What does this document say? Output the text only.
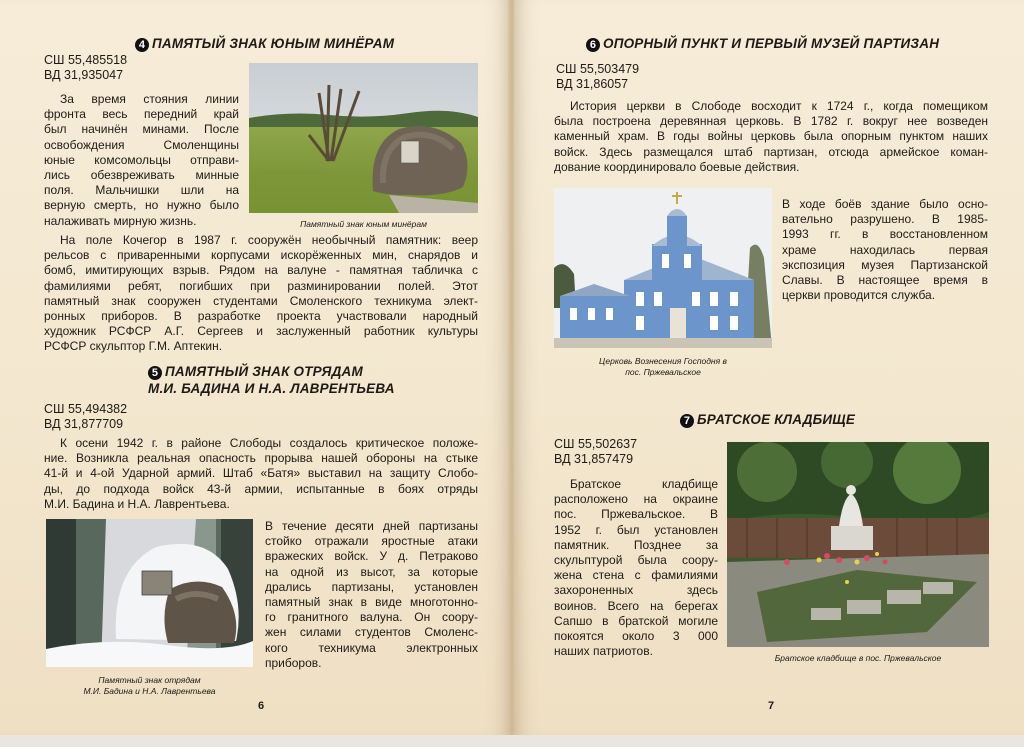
4 ПАМЯТЫЙ ЗНАК ЮНЫМ МИНЁРАМ
СШ 55,485518
ВД 31,935047
За время стояния линии
фронта весь передний край
был начинён минами. После
освобождения Смоленщины
юные комсомольцы отправи-
лись обезвреживать минные
поля. Мальчишки шли на
верную смерть, но нужно было
налаживать мирную жизнь.	Памятный знак юным минёрам
На поле Кочегор в 1987 г. сооружён необычный памятник: веер
рельсов с приваренными корпусами искорёженных мин, снарядов и
бомб, имитирующих взрыв. Рядом на валуне - памятная табличка с
фамилиями ребят, погибших при разминировании полей. Этот
памятный знак сооружен студентами Смоленского техникума элект-
ронных приборов. В разработке проекта участвовали народный
художник РСФСР А.Г. Сергеев и заслуженный работник культуры
РСФСР скульптор Г.М. Аптекин.
5 ПАМЯТНЫЙ ЗНАК ОТРЯДАМ
М.И. БАДИНА И Н.А. ЛАВРЕНТЬЕВА
СШ 55,494382
ВД 31,877709
К осени 1942 г. в районе Слободы создалось критическое положе-
ние. Возникла реальная опасность прорыва нашей обороны на стыке
41-й и 4-ой Ударной армий. Штаб «Батя» выставил на защиту Слобо-
ды, до подхода войск 43-й армии, испытанные в боях отряды
М.И. Бадина и Н.А. Лаврентьева.
В течение десяти дней партизаны
стойко отражали яростные атаки
вражеских войск. У д. Петраково
на одной из высот, за которые
дрались партизаны, установлен
памятный знак в виде многотонно-
го гранитного валуна. Он соору-
жен силами студентов Смоленс-
кого техникума электронных
приборов.
Памятный знак отрядам
М.И. Бадина и Н.А. Лаврентьева
6
6 ОПОРНЫЙ ПУНКТ И ПЕРВЫЙ МУЗЕЙ ПАРТИЗАН
СШ 55,503479
ВД 31,86057
История церкви в Слободе восходит к 1724 г., когда помещиком
была построена деревянная церковь. В 1782 г. вокруг нее возведен
каменный храм. В годы войны церковь была опорным пунктом наших
войск. Здесь размещался штаб партизан, отсюда армейское коман-
дование координировало боевые действия.
Церковь Вознесения Господня в
пос. Пржевальское
В ходе боёв здание было осно-
вательно разрушено. В 1985-
1993 гг. в восстановленном
храме находилась первая
экспозиция музея Партизанской
Славы. В настоящее время в
церкви проводится служба.
7 БРАТСКОЕ КЛАДБИЩЕ
СШ 55,502637
ВД 31,857479
Братское кладбище
расположено на окраине
пос. Пржевальское. В
1952 г. был установлен
памятник. Позднее за
скульптурой была соору-
жена стена с фамилиями
захороненных здесь
воинов. Всего на берегах
Сапшо в братской могиле
покоятся около 3 000
наших патриотов.	Братское кладбище в пос. Пржевальское
7
